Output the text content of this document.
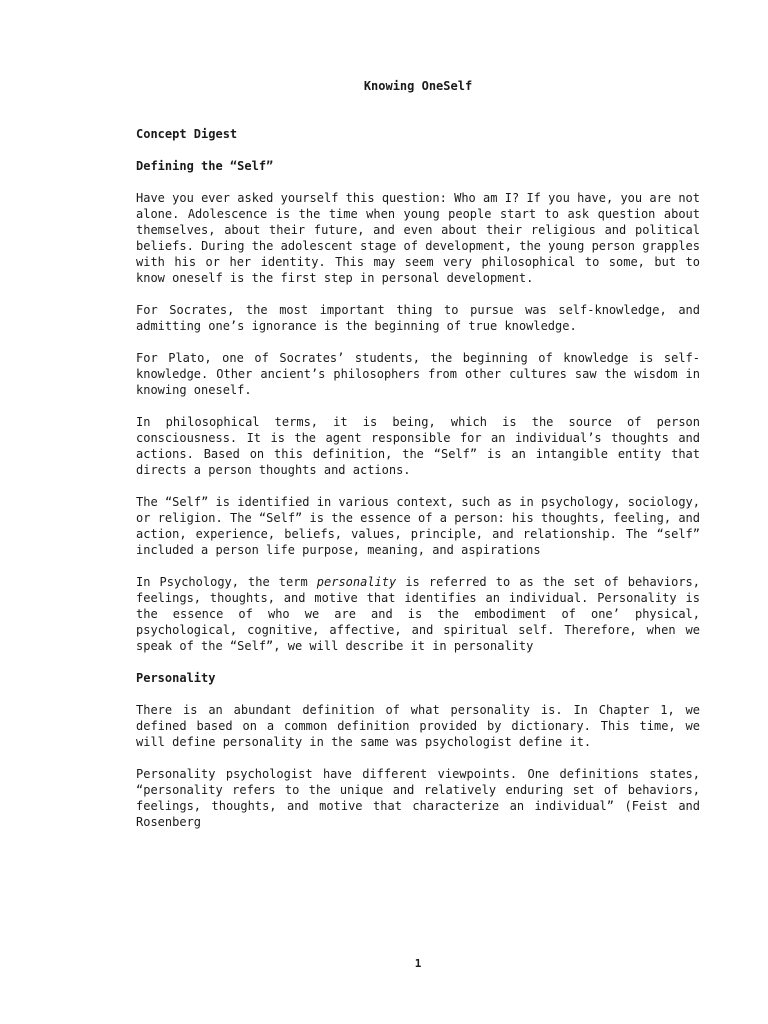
Knowing OneSelf
Concept Digest
Defining the “Self”

Have you ever asked yourself this question: Who am I? If you have, you are not alone. Adolescence is the time when young people start to ask question about themselves, about their future, and even about their religious and political beliefs. During the adolescent stage of development, the young person grapples with his or her identity. This may seem very philosophical to some, but to know oneself is the first step in personal development.

For Socrates, the most important thing to pursue was self-knowledge, and admitting one’s ignorance is the beginning of true knowledge.

For Plato, one of Socrates’ students, the beginning of knowledge is self-knowledge. Other ancient’s philosophers from other cultures saw the wisdom in knowing oneself.

In philosophical terms, it is being, which is the source of person consciousness. It is the agent responsible for an individual’s thoughts and actions. Based on this definition, the “Self” is an intangible entity that directs a person thoughts and actions.

The “Self” is identified in various context, such as in psychology, sociology, or religion. The “Self” is the essence of a person: his thoughts, feeling, and action, experience, beliefs, values, principle, and relationship. The “self” included a person life purpose, meaning, and aspirations

In Psychology, the term personality is referred to as the set of behaviors, feelings, thoughts, and motive that identifies an individual. Personality is the essence of who we are and is the embodiment of one’ physical, psychological, cognitive, affective, and spiritual self. Therefore, when we speak of the “Self”, we will describe it in personality

Personality

There is an abundant definition of what personality is. In Chapter 1, we defined based on a common definition provided by dictionary. This time, we will define personality in the same was psychologist define it.

Personality psychologist have different viewpoints. One definitions states, “personality refers to the unique and relatively enduring set of behaviors, feelings, thoughts, and motive that characterize an individual” (Feist and Rosenberg

1
